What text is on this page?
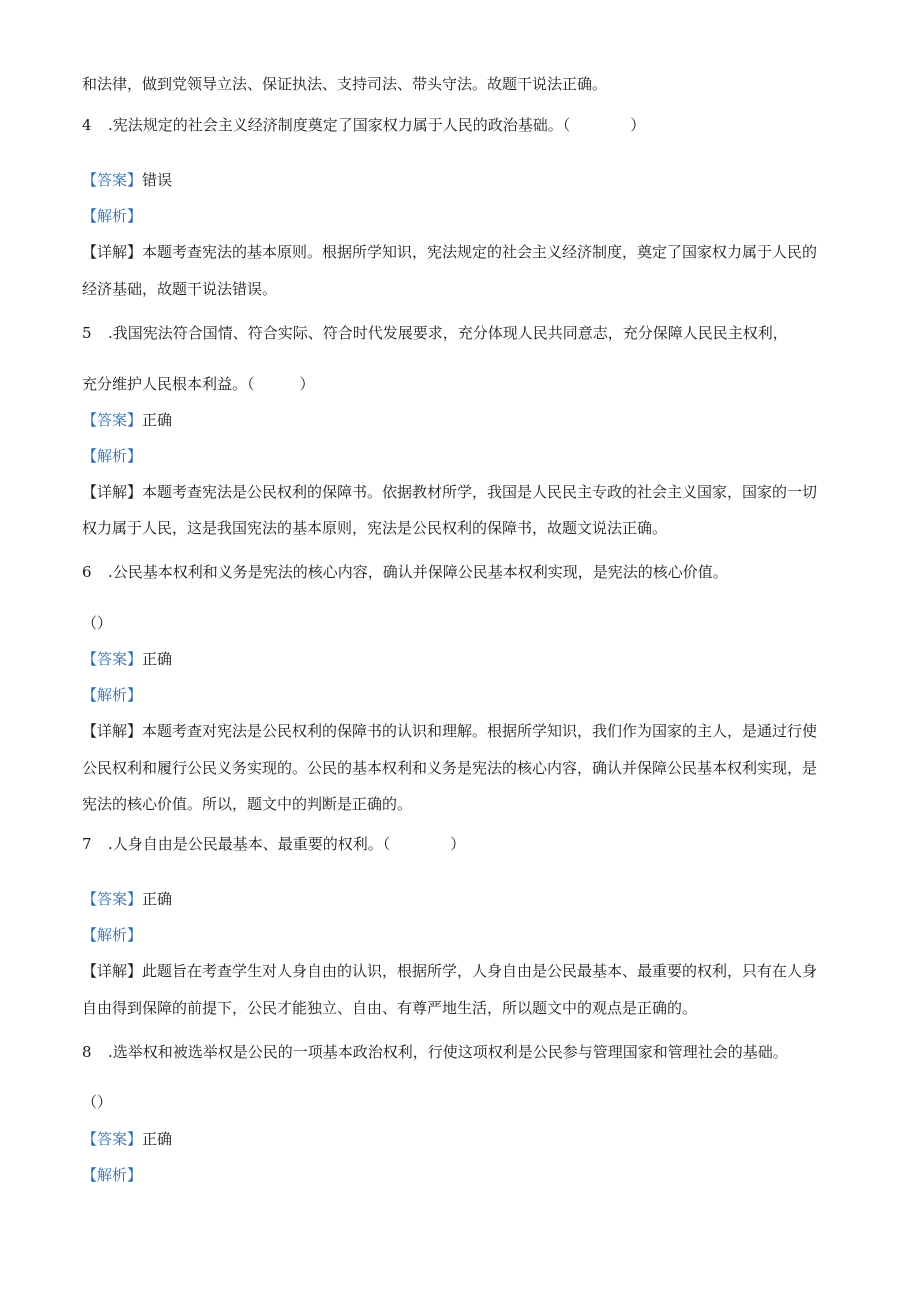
和法律，做到党领导立法、保证执法、支持司法、带头守法。故题干说法正确。
4 .宪法规定的社会主义经济制度奠定了国家权力属于人民的政治基础。（　　　　）
【答案】错误
【解析】
【详解】本题考查宪法的基本原则。根据所学知识，宪法规定的社会主义经济制度，奠定了国家权力属于人民的
经济基础，故题干说法错误。
5 .我国宪法符合国情、符合实际、符合时代发展要求，充分体现人民共同意志，充分保障人民民主权利，
充分维护人民根本利益。（　　　）
【答案】正确
【解析】
【详解】本题考查宪法是公民权利的保障书。依据教材所学，我国是人民民主专政的社会主义国家，国家的一切
权力属于人民，这是我国宪法的基本原则，宪法是公民权利的保障书，故题文说法正确。
6 .公民基本权利和义务是宪法的核心内容，确认并保障公民基本权利实现，是宪法的核心价值。
（）
【答案】正确
【解析】
【详解】本题考查对宪法是公民权利的保障书的认识和理解。根据所学知识，我们作为国家的主人，是通过行使
公民权利和履行公民义务实现的。公民的基本权利和义务是宪法的核心内容，确认并保障公民基本权利实现，是
宪法的核心价值。所以，题文中的判断是正确的。
7 .人身自由是公民最基本、最重要的权利。（　　　　）
【答案】正确
【解析】
【详解】此题旨在考查学生对人身自由的认识，根据所学，人身自由是公民最基本、最重要的权利，只有在人身
自由得到保障的前提下，公民才能独立、自由、有尊严地生活，所以题文中的观点是正确的。
8 .选举权和被选举权是公民的一项基本政治权利，行使这项权利是公民参与管理国家和管理社会的基础。
（）
【答案】正确
【解析】
